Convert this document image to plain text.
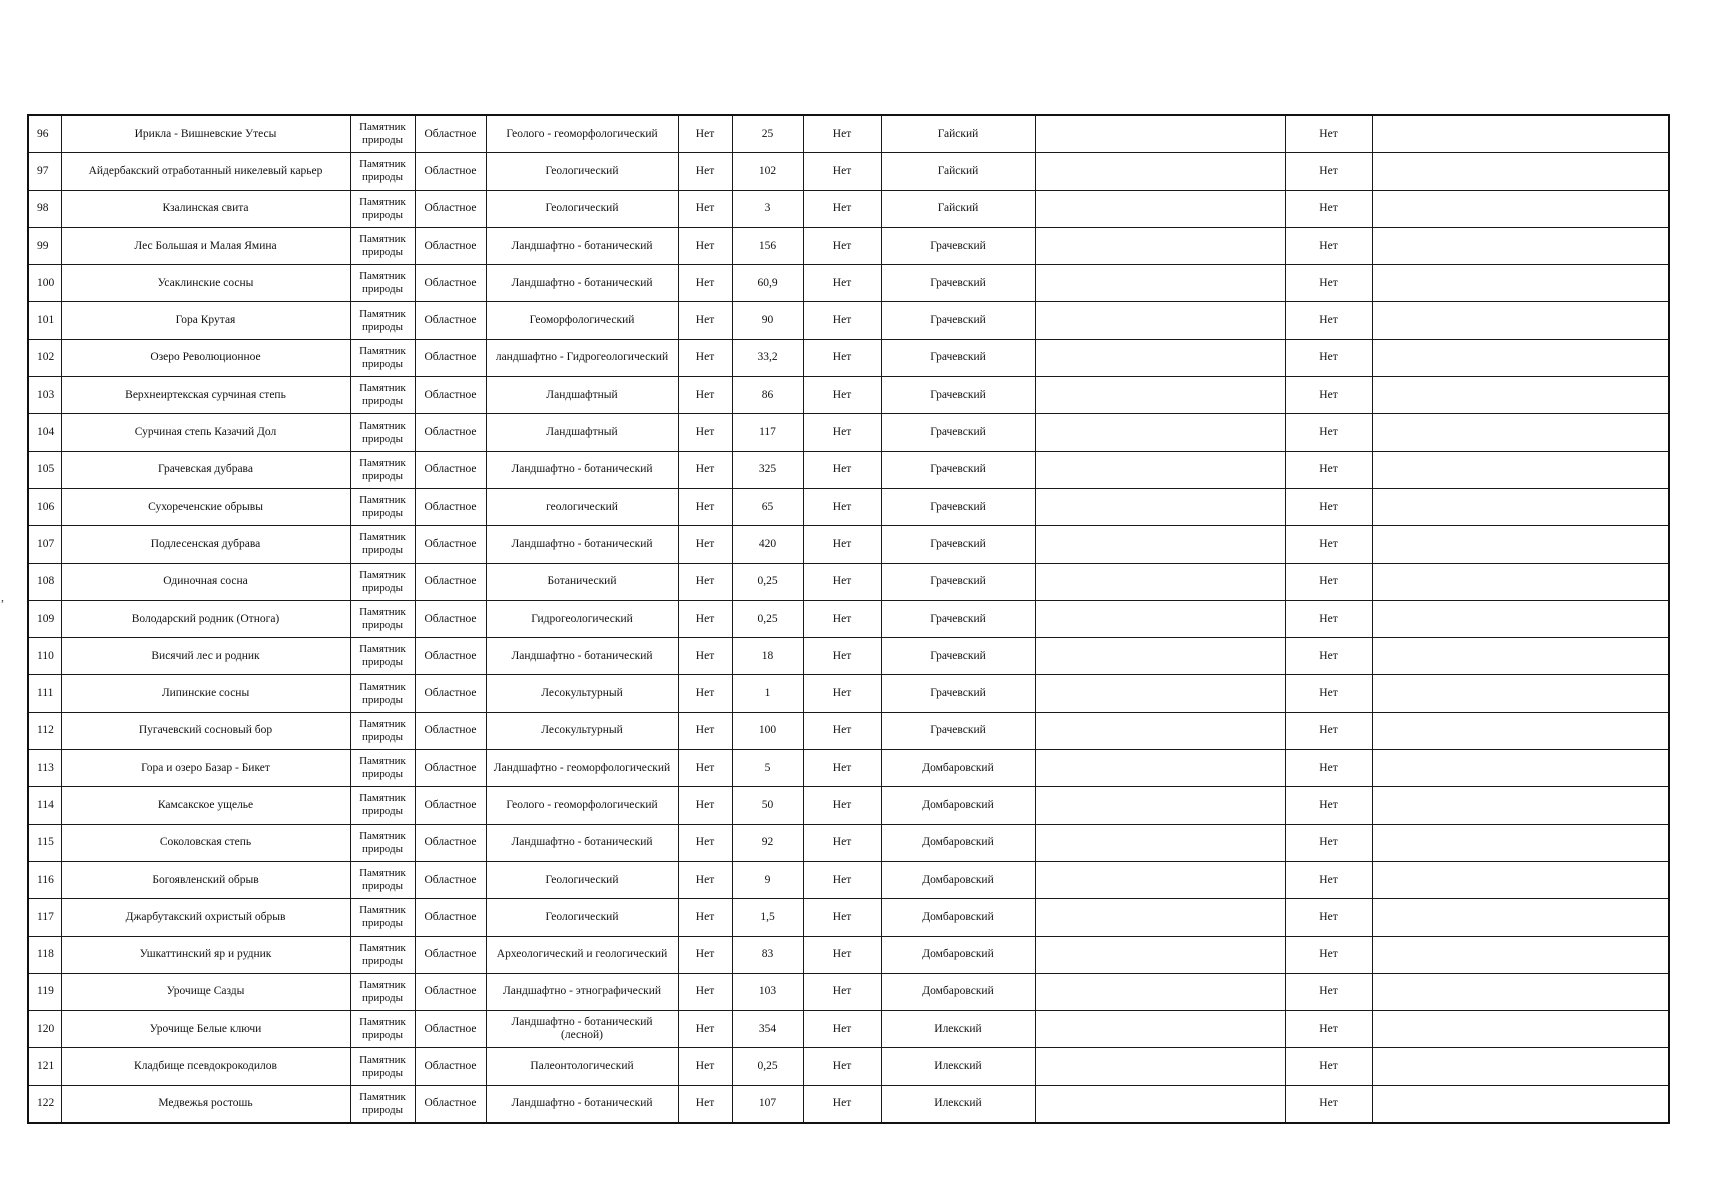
96	Ирикла - Вишневские Утесы	Памятник природы	Областное	Геолого - геоморфологический	Нет	25	Нет	Гайский		Нет	
97	Айдербакский отработанный никелевый карьер	Памятник природы	Областное	Геологический	Нет	102	Нет	Гайский		Нет	
98	Кзалинская свита	Памятник природы	Областное	Геологический	Нет	3	Нет	Гайский		Нет	
99	Лес Большая и Малая Ямина	Памятник природы	Областное	Ландшафтно - ботанический	Нет	156	Нет	Грачевский		Нет	
100	Усаклинские сосны	Памятник природы	Областное	Ландшафтно - ботанический	Нет	60,9	Нет	Грачевский		Нет	
101	Гора Крутая	Памятник природы	Областное	Геоморфологический	Нет	90	Нет	Грачевский		Нет	
102	Озеро Революционное	Памятник природы	Областное	ландшафтно - Гидрогеологический	Нет	33,2	Нет	Грачевский		Нет	
103	Верхнеиртекская сурчиная степь	Памятник природы	Областное	Ландшафтный	Нет	86	Нет	Грачевский		Нет	
104	Сурчиная степь Казачий Дол	Памятник природы	Областное	Ландшафтный	Нет	117	Нет	Грачевский		Нет	
105	Грачевская дубрава	Памятник природы	Областное	Ландшафтно - ботанический	Нет	325	Нет	Грачевский		Нет	
106	Сухореченские обрывы	Памятник природы	Областное	геологический	Нет	65	Нет	Грачевский		Нет	
107	Подлесенская дубрава	Памятник природы	Областное	Ландшафтно - ботанический	Нет	420	Нет	Грачевский		Нет	
108	Одиночная сосна	Памятник природы	Областное	Ботанический	Нет	0,25	Нет	Грачевский		Нет	
109	Володарский родник (Отнога)	Памятник природы	Областное	Гидрогеологический	Нет	0,25	Нет	Грачевский		Нет	
110	Висячий лес и родник	Памятник природы	Областное	Ландшафтно - ботанический	Нет	18	Нет	Грачевский		Нет	
111	Липинские сосны	Памятник природы	Областное	Лесокультурный	Нет	1	Нет	Грачевский		Нет	
112	Пугачевский сосновый бор	Памятник природы	Областное	Лесокультурный	Нет	100	Нет	Грачевский		Нет	
113	Гора и озеро Базар - Бикет	Памятник природы	Областное	Ландшафтно - геоморфологический	Нет	5	Нет	Домбаровский		Нет	
114	Камсакское ущелье	Памятник природы	Областное	Геолого - геоморфологический	Нет	50	Нет	Домбаровский		Нет	
115	Соколовская степь	Памятник природы	Областное	Ландшафтно - ботанический	Нет	92	Нет	Домбаровский		Нет	
116	Богоявленский обрыв	Памятник природы	Областное	Геологический	Нет	9	Нет	Домбаровский		Нет	
117	Джарбутакский охристый обрыв	Памятник природы	Областное	Геологический	Нет	1,5	Нет	Домбаровский		Нет	
118	Ушкаттинский яр и рудник	Памятник природы	Областное	Археологический и геологический	Нет	83	Нет	Домбаровский		Нет	
119	Урочище Сазды	Памятник природы	Областное	Ландшафтно - этнографический	Нет	103	Нет	Домбаровский		Нет	
120	Урочище Белые ключи	Памятник природы	Областное	Ландшафтно - ботанический (лесной)	Нет	354	Нет	Илекский		Нет	
121	Кладбище псевдокрокодилов	Памятник природы	Областное	Палеонтологический	Нет	0,25	Нет	Илекский		Нет	
122	Медвежья ростошь	Памятник природы	Областное	Ландшафтно - ботанический	Нет	107	Нет	Илекский		Нет	
,
